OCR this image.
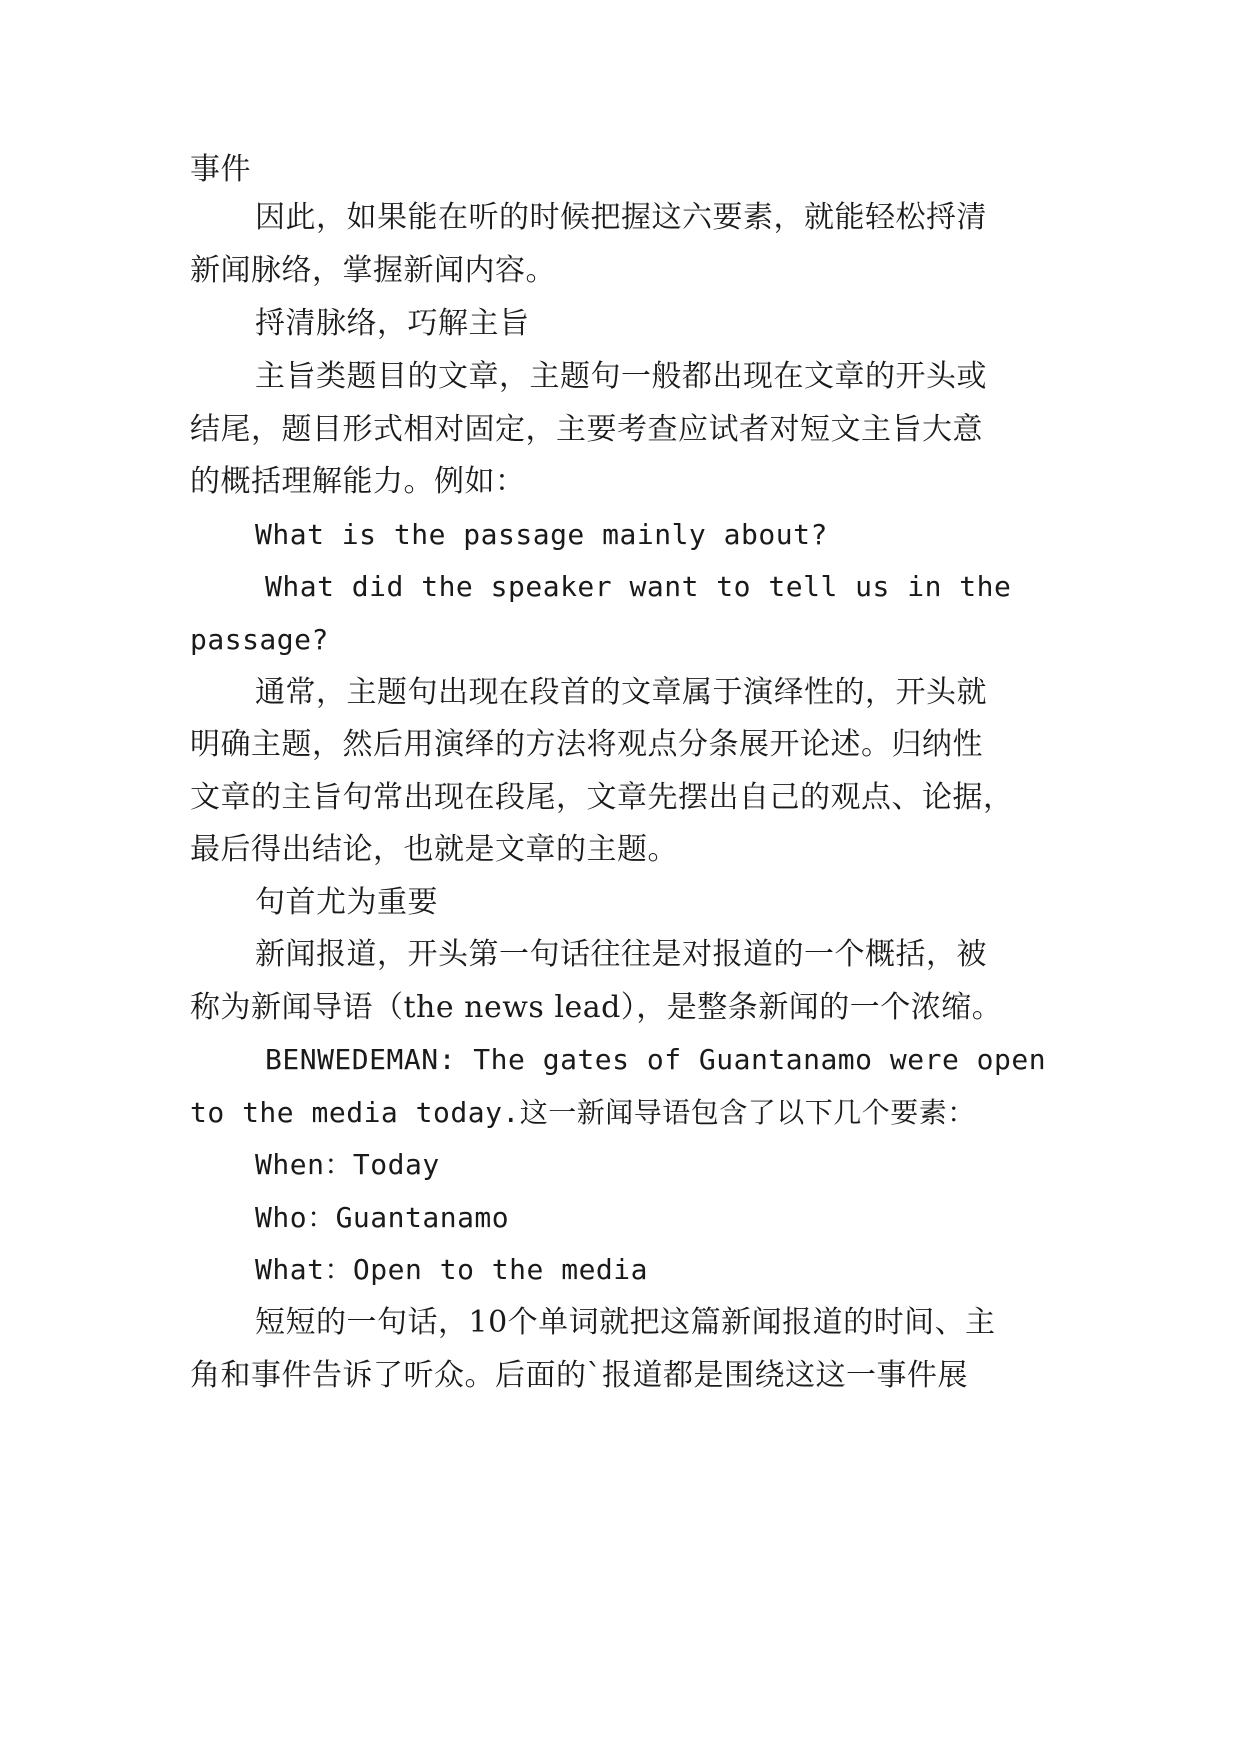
事件
因此，如果能在听的时候把握这六要素，就能轻松捋清
新闻脉络，掌握新闻内容。
捋清脉络，巧解主旨
主旨类题目的文章，主题句一般都出现在文章的开头或
结尾，题目形式相对固定，主要考查应试者对短文主旨大意
的概括理解能力。例如：
What is the passage mainly about?
What did the speaker want to tell us in the
passage?
通常，主题句出现在段首的文章属于演绎性的，开头就
明确主题，然后用演绎的方法将观点分条展开论述。归纳性
文章的主旨句常出现在段尾，文章先摆出自己的观点、论据，
最后得出结论，也就是文章的主题。
句首尤为重要
新闻报道，开头第一句话往往是对报道的一个概括，被
称为新闻导语（the news lead），是整条新闻的一个浓缩。
BENWEDEMAN: The gates of Guantanamo were open
to the media today.这一新闻导语包含了以下几个要素：
When：Today
Who：Guantanamo
What：Open to the media
短短的一句话，10个单词就把这篇新闻报道的时间、主
角和事件告诉了听众。后面的`报道都是围绕这这一事件展
